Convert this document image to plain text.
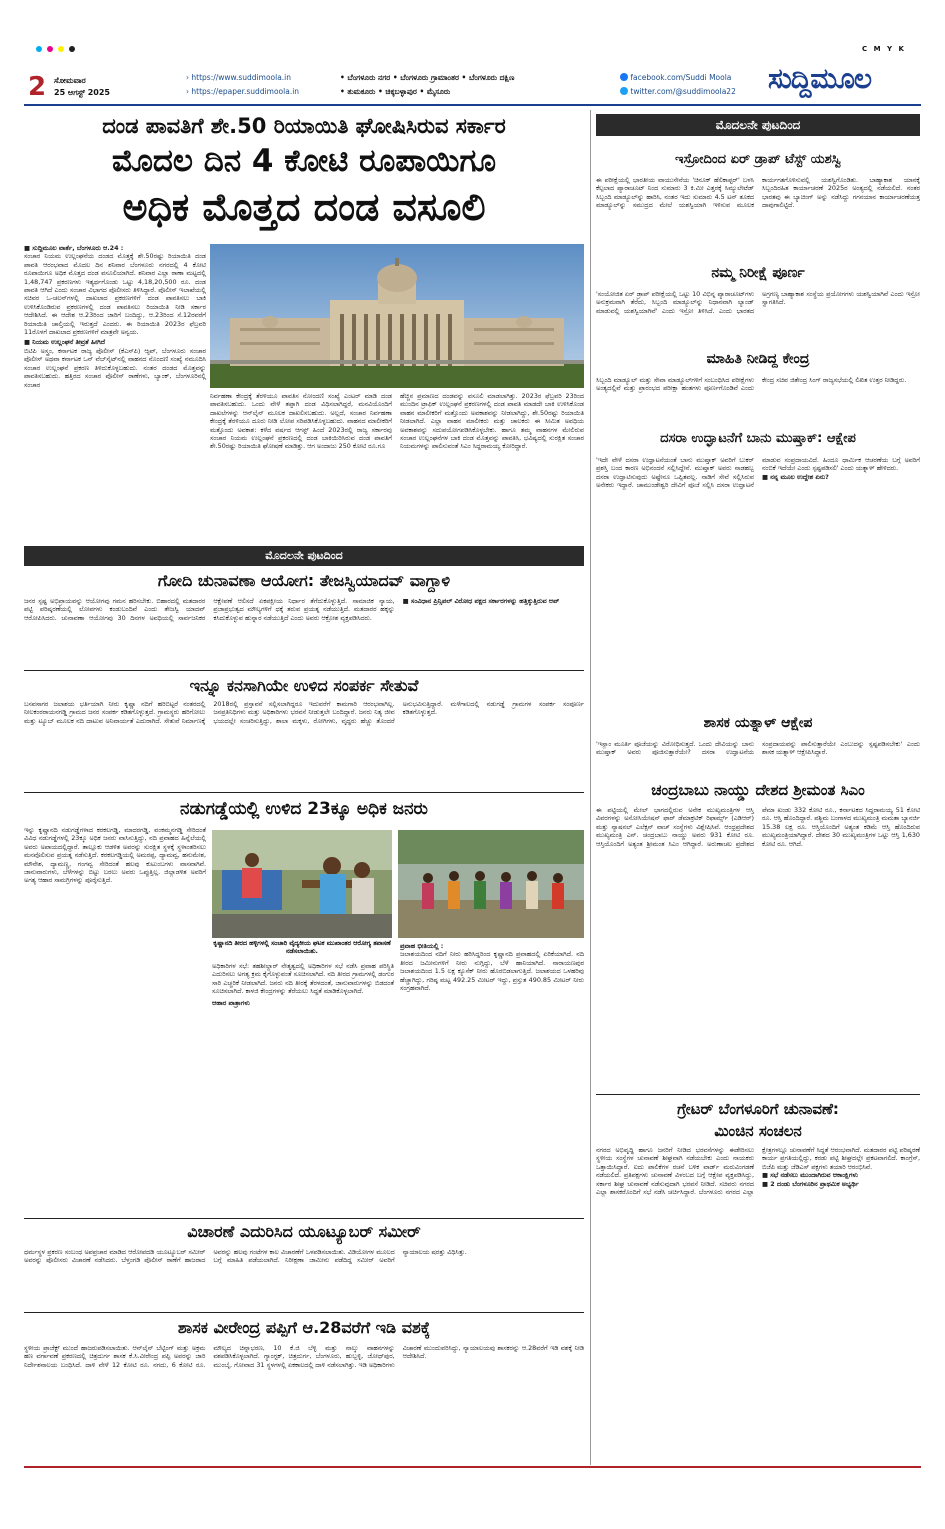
C M Y K
2 ಸೋಮವಾರ
25 ಆಗಸ್ಟ್ 2025
› https://www.suddimoola.in
› https://epaper.suddimoola.in
• ಬೆಂಗಳೂರು ನಗರ • ಬೆಂಗಳೂರು ಗ್ರಾಮಾಂತರ • ಬೆಂಗಳೂರು ದಕ್ಷಿಣ
• ತುಮಕೂರು • ಚಿಕ್ಕಬಳ್ಳಾಪುರ • ಮೈಸೂರು
facebook.com/Suddi Moola
twitter.com/@suddimoola22 ಸುದ್ದಿಮೂಲ
ದಂಡ ಪಾವತಿಗೆ ಶೇ.50 ರಿಯಾಯಿತಿ ಘೋಷಿಸಿರುವ ಸರ್ಕಾರ
ಮೊದಲ ದಿನ 4 ಕೋಟಿ ರೂಪಾಯಿಗೂ
ಅಧಿಕ ಮೊತ್ತದ ದಂಡ ವಸೂಲಿ
■ ಸುದ್ದಿಮೂಲ ವಾರ್ತೆ, ಬೆಂಗಳೂರು ಆ.24 :
ಸಂಚಾರ ನಿಯಮ ಉಲ್ಲಂಘನೆಯ ದಂಡದ ಮೊತ್ತಕ್ಕೆ ಶೇ.50ರಷ್ಟು ರಿಯಾಯಿತಿ ದಂಡ ಪಾವತಿ ಆರಂಭವಾದ ಮೊದಲ ದಿನ ಶನಿವಾರ ಬೆಂಗಳೂರು ನಗರದಲ್ಲಿ 4 ಕೋಟಿ ರೂಪಾಯಿಗೂ ಅಧಿಕ ಮೊತ್ತದ ದಂಡ ವಸೂಲಿಯಾಗಿದೆ. ಶನಿವಾರ ಎಲ್ಲಾ ಠಾಣಾ ಮಟ್ಟದಲ್ಲಿ 1,48,747 ಪ್ರಕರಣಗಳು ಇತ್ಯರ್ಥಗೊಂಡು ಒಟ್ಟು 4,18,20,500 ರೂ. ದಂಡ ಪಾವತಿ ಆಗಿದೆ ಎಂದು ಸಂಚಾರ ವಿಭಾಗದ ಪೊಲೀಸರು ತಿಳಿಸಿದ್ದಾರೆ. ಪೊಲೀಸ್ ಇಲಾಖೆಯಲ್ಲಿ ಸಚಿವರ ಒ-ಚಲನ್‌ಗಳಲ್ಲಿ ದಾಖಲಾದ ಪ್ರಕರಣಗಳಿಗೆ ದಂಡ ಪಾವತಿಸಲು ಬಾಕಿ ಉಳಿಸಿಕೊಂಡಿರುವ ಪ್ರಕರಣಗಳಲ್ಲಿ ದಂಡ ಪಾವತಿಸಲು ರಿಯಾಯಿತಿ ನೀಡಿ ಸರ್ಕಾರ ಆದೇಶಿಸಿದೆ. ಈ ಆದೇಶ ಆ.23ರಿಂದ ಜಾರಿಗೆ ಬಂದಿದ್ದು, ಆ.23ರಿಂದ ಸೆ.12ರವರೆಗೆ ರಿಯಾಯಿತಿ ಚಾಲ್ತಿಯಲ್ಲಿ ಇರುತ್ತದೆ ಎಂದರು. ಈ ರಿಯಾಯಿತಿ 2023ರ ಫೆಬ್ರವರಿ 11ರೊಳಗೆ ದಾಖಲಾದ ಪ್ರಕರಣಗಳಿಗೆ ಮಾತ್ರವೇ ಅನ್ವಯ.
■ ನಿಯಮ ಉಲ್ಲಂಘನೆ ತೀವ್ರತೆ ಹೀಗಿದೆ
ಬಿಟಿಪಿ ಅಸ್ತ್ರಂ, ಕರ್ನಾಟಕ ರಾಜ್ಯ ಪೊಲೀಸ್ (ಕೆಎಸ್‌ಪಿ) ಆ್ಯಪ್, ಬೆಂಗಳೂರು ಸಂಚಾರ ಪೊಲೀಸ್ ಅಥವಾ ಕರ್ನಾಟಕ ಒನ್ ವೆಬ್‌ಸೈಟ್‌ನಲ್ಲಿ ವಾಹನದ ನೊಂದಣಿ ಸಂಖ್ಯೆ ನಮೂದಿಸಿ ಸಂಚಾರ ಉಲ್ಲಂಘನೆ ಪ್ರಕರಣ ತಿಳಿದುಕೊಳ್ಳಬಹುದು. ನಂತರ ದಂಡದ ಮೊತ್ತವನ್ನು ಪಾವತಿಸಬಹುದು. ಹತ್ತಿರದ ಸಂಚಾರ ಪೊಲೀಸ್ ಠಾಣೆಗಳು, ಬ್ಯಾಂಕ್, ಬೆಂಗಳೂರಿನಲ್ಲಿ ಸಂಚಾರ
ನಿರ್ವಹಣಾ ಕೇಂದ್ರಕ್ಕೆ ತೆರಳಿಯೂ ಪಾವತಿಸ ನೋಂದಣಿ ಸಂಖ್ಯೆ ಎಂಟರ್ ಮಾಡಿ ದಂಡ ಪಾವತಿಸಬಹುದು. ಒಂದು ವೇಳೆ ತಪ್ಪಾಗಿ ದಂಡ ವಿಧಿಸಲಾಗಿದ್ದರೆ, ಮನವಿಯೊಂದಿಗೆ ದಾಖಲೆಗಳನ್ನು ಆನ್‌ಲೈನ್ ಮೂಲಕ ದಾಖಲಿಸಬಹುದು. ಅಲ್ಲದೆ, ಸಂಚಾರ ನಿರ್ವಹಣಾ ಕೇಂದ್ರಕ್ಕೆ ತೆರಳಿಯೂ ದೂರು ನೀಡಿ ಲೋಪ ಸರಿಪಡಿಸಿಕೊಳ್ಳಬಹುದು. ವಾಹನದ ಮಾಲೀಕರಿಗೆ ಮತ್ತೊಂದು ಅವಕಾಶ: ಕಳೆದ ವರ್ಷದ ಆಗಸ್ಟ್ ಹಿಂದೆ 2023ರಲ್ಲಿ ರಾಜ್ಯ ಸರ್ಕಾರವು ಸಂಚಾರ ನಿಯಮ ಉಲ್ಲಂಘನೆ ಪ್ರಕರಣದಲ್ಲಿ ದಂಡ ಬಾಕಿಯಿರಿಸಿರುವ ದಂಡ ಪಾವತಿಗೆ ಶೇ.50ರಷ್ಟು ರಿಯಾಯಿತಿ ಘೋಷಣೆ ಮಾಡಿತ್ತು. ಆಗ ಅಂದಾಜು 250 ಕೋಟಿ ರೂ.ಗೂ
ಹೆಚ್ಚಿನ ಪ್ರಮಾಣದ ದಂಡವನ್ನು ವಸೂಲಿ ಮಾಡಲಾಗಿತ್ತು. 2023ರ ಫೆಬ್ರವರಿ 23ರಿಂದ ಮುಂದಿನ ಟ್ರಾಫಿಕ್ ಉಲ್ಲಂಘನೆ ಪ್ರಕರಣಗಳಲ್ಲಿ ದಂಡ ಪಾವತಿ ಮಾಡದೇ ಬಾಕಿ ಉಳಿಸಿಕೊಂಡ ವಾಹನ ಮಾಲೀಕರಿಗೆ ಮತ್ತೊಂದು ಅವಕಾಶವನ್ನು ನೀಡಲಾಗಿದ್ದು, ಶೇ.50ರಷ್ಟು ರಿಯಾಯಿತಿ ನೀಡಲಾಗಿದೆ. ಎಲ್ಲಾ ವಾಹನ ಮಾಲೀಕರು ಮತ್ತು ಚಾಲಕರು ಈ ಸೀಮಿತ ಅವಧಿಯ ಅವಕಾಶವನ್ನು ಸದುಪಯೋಗಪಡಿಸಿಕೊಳ್ಳಬೇಕು. ಹಾಗೂ ತಮ್ಮ ವಾಹನಗಳ ಮೇಲಿರುವ ಸಂಚಾರ ಉಲ್ಲಂಘನೆಗಳ ಬಾಕಿ ದಂಡ ಮೊತ್ತವನ್ನು ಪಾವತಿಸಿ, ಭವಿಷ್ಯದಲ್ಲಿ ಸುರಕ್ಷಿತ ಸಂಚಾರ ನಿಯಮಗಳನ್ನು ಪಾಲಿಸುವಂತೆ ಸಿಎಂ ಸಿದ್ದರಾಮಯ್ಯ ಕೋರಿದ್ದಾರೆ.
ಮೊದಲನೇ ಪುಟದಿಂದ
ಗೋದಿ ಚುನಾವಣಾ ಆಯೋಗ: ತೇಜಸ್ವಿಯಾದವ್ ವಾಗ್ದಾಳಿ
ಜನರ ಸ್ಪಷ್ಟ ಅಭಿಪ್ರಾಯವನ್ನು ಆಯೋಗವು ಗಮನ ಹರಿಸಬೇಕು. ಬಿಹಾರದಲ್ಲಿ ಮತದಾರರ ಪಟ್ಟಿ ಪರಿಷ್ಕರಣೆಯಲ್ಲಿ ಲೋಪಗಳು ಕಂಡುಬಂದಿವೆ ಎಂದು ತೇಜಸ್ವಿ ಯಾದವ್ ಆರೋಪಿಸಿದರು. ಚುನಾವಣಾ ಆಯೋಗವು 30 ದಿನಗಳ ಅವಧಿಯಲ್ಲಿ ಸಾರ್ವಜನಿಕರ ಆಕ್ಷೇಪಣೆ ಆಲಿಸದೆ ಏಕಪಕ್ಷೀಯ ನಿರ್ಧಾರ ತೆಗೆದುಕೊಳ್ಳುತ್ತಿದೆ. ಸಾಮಾಜಿಕ ನ್ಯಾಯ, ಪ್ರಜಾಪ್ರಭುತ್ವದ ಮೌಲ್ಯಗಳಿಗೆ ಧಕ್ಕೆ ತರುವ ಪ್ರಯತ್ನ ನಡೆಯುತ್ತಿದೆ. ಮತದಾರರ ಹಕ್ಕನ್ನು ಕಸಿದುಕೊಳ್ಳುವ ಹುನ್ನಾರ ನಡೆಯುತ್ತಿದೆ ಎಂದು ಅವರು ಆಕ್ರೋಶ ವ್ಯಕ್ತಪಡಿಸಿದರು.
■ ಸಂವಿಧಾನ ಪ್ರಿನ್ಸಿಪಲ್ ವಿರೋಧ ಪಕ್ಷದ ಸರ್ಕಾರಗಳನ್ನು ಹತ್ತಿಕ್ಕುತ್ತಿರುವ ಆಪ್
ಇನ್ನೂ ಕನಸಾಗಿಯೇ ಉಳಿದ ಸಂಪರ್ಕ ಸೇತುವೆ
ಬಸವಸಾಗರ ಜಲಾಶಯ ಭರ್ತಿಯಾಗಿ ನೀರು ಕೃಷ್ಣಾ ನದಿಗೆ ಹರಿಬಿಟ್ಟರೆ ನಂತರದಲ್ಲಿ ನೀಲಕಂಠರಾಯನಗಡ್ಡಿ ಗ್ರಾಮದ ಜನರ ಸಂಪರ್ಕ ಕಡಿತಗೊಳ್ಳುತ್ತದೆ. ಗ್ರಾಮಸ್ಥರು ಹರಿಗೋಲು ಮತ್ತು ಟ್ಯೂಬ್ ಮೂಲಕ ನದಿ ದಾಟುವ ಅನಿವಾರ್ಯತೆ ಎದುರಾಗಿದೆ. ಸೇತುವೆ ನಿರ್ಮಾಣಕ್ಕೆ 2018ರಲ್ಲಿ ಪ್ರಸ್ತಾವನೆ ಸಲ್ಲಿಸಲಾಗಿದ್ದರೂ ಇದುವರೆಗೆ ಕಾಮಗಾರಿ ಆರಂಭವಾಗಿಲ್ಲ. ಜನಪ್ರತಿನಿಧಿಗಳು ಮತ್ತು ಅಧಿಕಾರಿಗಳು ಭರವಸೆ ನೀಡುತ್ತಲೇ ಬಂದಿದ್ದಾರೆ. ಜನರು ನಿತ್ಯ ಜೀವ ಭಯದಲ್ಲೇ ಸಂಚರಿಸುತ್ತಿದ್ದು, ಶಾಲಾ ಮಕ್ಕಳು, ರೋಗಿಗಳು, ವೃದ್ಧರು ಹೆಚ್ಚು ತೊಂದರೆ ಅನುಭವಿಸುತ್ತಿದ್ದಾರೆ. ಮಳೆಗಾಲದಲ್ಲಿ ನಡುಗಡ್ಡೆ ಗ್ರಾಮಗಳ ಸಂಪರ್ಕ ಸಂಪೂರ್ಣ ಕಡಿತಗೊಳ್ಳುತ್ತದೆ.
ನಡುಗಡ್ಡೆಯಲ್ಲಿ ಉಳಿದ 23ಕ್ಕೂ ಅಧಿಕ ಜನರು
ಇನ್ನು ಕೃಷ್ಣಾನದಿ ನಡುಗಡ್ಡೆಗಳಾದ ಕರಕಲಗಡ್ಡಿ, ಮಾದರಗಡ್ಡಿ, ವಂಕಮ್ಮನಗಡ್ಡಿ ಸೇರಿದಂತೆ ವಿವಿಧ ನಡುಗಡ್ಡೆಗಳಲ್ಲಿ 23ಕ್ಕೂ ಅಧಿಕ ಜನರು ವಾಸಿಸುತ್ತಿದ್ದು, ನದಿ ಪ್ರವಾಹದ ಹಿನ್ನೆಲೆಯಲ್ಲಿ ಅವರು ಅಪಾಯದಲ್ಲಿದ್ದಾರೆ. ತಾಲ್ಲೂಕು ಆಡಳಿತ ಅವರನ್ನು ಸುರಕ್ಷಿತ ಸ್ಥಳಕ್ಕೆ ಸ್ಥಳಾಂತರಿಸಲು ಮನವೊಲಿಸುವ ಪ್ರಯತ್ನ ನಡೆಸುತ್ತಿದೆ. ಕರಕಲಗಡ್ಡಿಯಲ್ಲಿ ಅಮರಪ್ಪ, ದ್ಯಾಮವ್ವ, ಹನುಮೇಶ, ಮೌನೇಶ, ದ್ಯಾಮಣ್ಣ, ಗಂಗವ್ವ ಸೇರಿದಂತೆ ಹಲವು ಕುಟುಂಬಗಳು ವಾಸವಾಗಿವೆ. ಜಾನುವಾರುಗಳು, ಬೆಳೆಗಳನ್ನು ಬಿಟ್ಟು ಬರಲು ಅವರು ಒಪ್ಪುತ್ತಿಲ್ಲ. ಜಿಲ್ಲಾಡಳಿತ ಅವರಿಗೆ ಅಗತ್ಯ ಆಹಾರ ಸಾಮಗ್ರಿಗಳನ್ನು ಪೂರೈಸುತ್ತಿದೆ.
ಕೃಷ್ಣಾನದಿ ತೀರದ ಹಳ್ಳಿಗಳಲ್ಲಿ ಸಂಚಾರಿ ವೈದ್ಯಕೀಯ ಘಟಕ ಮುಖಾಂತರ ಆರೋಗ್ಯ ತಪಾಸಣೆ ನಡೆಸಲಾಯಿತು.
ಅಧಿಕಾರಿಗಳ ಸಭೆ: ತಹಶೀಲ್ದಾರ್ ನೇತೃತ್ವದಲ್ಲಿ ಅಧಿಕಾರಿಗಳ ಸಭೆ ನಡೆಸಿ ಪ್ರವಾಹ ಪರಿಸ್ಥಿತಿ ಎದುರಿಸಲು ಅಗತ್ಯ ಕ್ರಮ ಕೈಗೊಳ್ಳುವಂತೆ ಸೂಚಿಸಲಾಗಿದೆ. ನದಿ ತೀರದ ಗ್ರಾಮಗಳಲ್ಲಿ ಡಂಗುರ ಸಾರಿ ಎಚ್ಚರಿಕೆ ನೀಡಲಾಗಿದೆ. ಜನರು ನದಿ ತೀರಕ್ಕೆ ತೆರಳದಂತೆ, ಜಾನುವಾರುಗಳನ್ನು ಬಿಡದಂತೆ ಸೂಚಿಸಲಾಗಿದೆ. ಕಾಳಜಿ ಕೇಂದ್ರಗಳನ್ನು ತೆರೆಯಲು ಸಿದ್ಧತೆ ಮಾಡಿಕೊಳ್ಳಲಾಗಿದೆ.
ಆಹಾರ ಪಾತ್ರಾಗಳು
ಪ್ರವಾಹ ಭೀತಿಯಲ್ಲಿ :
ಜಲಾಶಯದಿಂದ ನದಿಗೆ ನೀರು ಹರಿಸಿದ್ದರಿಂದ ಕೃಷ್ಣಾನದಿ ಪ್ರವಾಹದಲ್ಲಿ ಏರಿಕೆಯಾಗಿದೆ. ನದಿ ತೀರದ ಜಮೀನುಗಳಿಗೆ ನೀರು ನುಗ್ಗಿದ್ದು, ಬೆಳೆ ಹಾನಿಯಾಗಿದೆ. ನಾರಾಯಣಪುರ ಜಲಾಶಯದಿಂದ 1.5 ಲಕ್ಷ ಕ್ಯೂಸೆಕ್ ನೀರು ಹೊರಬಿಡಲಾಗುತ್ತಿದೆ. ಜಲಾಶಯದ ಒಳಹರಿವು ಹೆಚ್ಚಾಗಿದ್ದು, ಗರಿಷ್ಠ ಮಟ್ಟ 492.25 ಮೀಟರ್ ಇದ್ದು, ಪ್ರಸ್ತುತ 490.85 ಮೀಟರ್ ನೀರು ಸಂಗ್ರಹವಾಗಿದೆ.
ವಿಚಾರಣೆ ಎದುರಿಸಿದ ಯೂಟ್ಯೂಬರ್ ಸಮೀರ್
ಧರ್ಮಸ್ಥಳ ಪ್ರಕರಣ ಸಂಬಂಧ ಅಪಪ್ರಚಾರ ಮಾಡಿದ ಆರೋಪದಡಿ ಯೂಟ್ಯೂಬರ್ ಸಮೀರ್ ಅವರನ್ನು ಪೊಲೀಸರು ವಿಚಾರಣೆ ನಡೆಸಿದರು. ಬೆಳ್ತಂಗಡಿ ಪೊಲೀಸ್ ಠಾಣೆಗೆ ಹಾಜರಾದ ಅವರನ್ನು ಹಲವು ಗಂಟೆಗಳ ಕಾಲ ವಿಚಾರಣೆಗೆ ಒಳಪಡಿಸಲಾಯಿತು. ವಿಡಿಯೋಗಳ ಮೂಲದ ಬಗ್ಗೆ ಮಾಹಿತಿ ಪಡೆಯಲಾಗಿದೆ. ನಿರೀಕ್ಷಣಾ ಜಾಮೀನು ಪಡೆದಿದ್ದ ಸಮೀರ್ ಅವರಿಗೆ ನ್ಯಾಯಾಲಯ ಷರತ್ತು ವಿಧಿಸಿತ್ತು.
ಶಾಸಕ ವೀರೇಂದ್ರ ಪಪ್ಪಿಗೆ ಆ.28ವರೆಗೆ ಇಡಿ ವಶಕ್ಕೆ
ಸ್ಥಳೀಯ ಪ್ರಾಜೆಕ್ಟ್ ಮುಂದೆ ಹಾಜರುಪಡಿಸಲಾಯಿತು. ಆನ್‌ಲೈನ್ ಬೆಟ್ಟಿಂಗ್ ಮತ್ತು ಅಕ್ರಮ ಹಣ ವರ್ಗಾವಣೆ ಪ್ರಕರಣದಲ್ಲಿ ಚಿತ್ರದುರ್ಗ ಶಾಸಕ ಕೆ.ಸಿ.ವೀರೇಂದ್ರ ಪಪ್ಪಿ ಅವರನ್ನು ಜಾರಿ ನಿರ್ದೇಶನಾಲಯ ಬಂಧಿಸಿದೆ. ದಾಳಿ ವೇಳೆ 12 ಕೋಟಿ ರೂ. ನಗದು, 6 ಕೋಟಿ ರೂ. ಮೌಲ್ಯದ ಚಿನ್ನಾಭರಣ, 10 ಕೆ.ಜಿ ಬೆಳ್ಳಿ ಮತ್ತು ನಾಲ್ಕು ವಾಹನಗಳನ್ನು ವಶಪಡಿಸಿಕೊಳ್ಳಲಾಗಿದೆ. ಗ್ಯಾಂಗ್ಟಕ್, ಚಿತ್ರದುರ್ಗ, ಬೆಂಗಳೂರು, ಹುಬ್ಬಳ್ಳಿ, ಜೋಧ್‌ಪುರ, ಮುಂಬೈ, ಗೋವಾದ 31 ಸ್ಥಳಗಳಲ್ಲಿ ಏಕಕಾಲದಲ್ಲಿ ದಾಳಿ ನಡೆಸಲಾಗಿತ್ತು. ಇಡಿ ಅಧಿಕಾರಿಗಳು ವಿಚಾರಣೆ ಮುಂದುವರಿಸಿದ್ದು, ನ್ಯಾಯಾಲಯವು ಶಾಸಕರನ್ನು ಆ.28ವರೆಗೆ ಇಡಿ ವಶಕ್ಕೆ ನೀಡಿ ಆದೇಶಿಸಿದೆ.
ಮೊದಲನೇ ಪುಟದಿಂದ
ಇಸ್ರೋದಿಂದ ಏರ್ ಡ್ರಾಪ್ ಟೆಸ್ಟ್ ಯಶಸ್ವಿ
ಈ ಪರೀಕ್ಷೆಯಲ್ಲಿ ಭಾರತೀಯ ವಾಯುಸೇನೆಯ 'ಚಿನೂಕ್ ಹೆಲಿಕಾಪ್ಟರ್' ಬಳಸಿ ಕೆಲ್ಪಲಾದ ಪ್ಯಾರಾಚೂಟ್ ನಿಂದ ಸುಮಾರು 3 ಕಿ.ಮೀ ಎತ್ತರಕ್ಕೆ ಸಿಮ್ಯುಲೇಟೆಡ್ ಸಿಬ್ಬಂದಿ ಮಾಡ್ಯೂಲ್‌ನ್ನು ಹಾರಿಸಿ, ನಂತರ ಇದು ಸುಮಾರು 4.5 ಟನ್ ತೂಕದ ಮಾಡ್ಯೂಲ್‌ನ್ನು ಸಮುದ್ರದ ಮೇಲೆ ಯಶಸ್ವಿಯಾಗಿ ಇಳಿಸುವ ಮೂಲಕ ಕಾರ್ಯಗತಗೊಳಿಸುವಲ್ಲಿ ಯಶಸ್ವಿಗೊಂಡಿತು. ಬಾಹ್ಯಾಕಾಶ ಯಾನಕ್ಕೆ ಸಿಬ್ಬಂದಿರಹಿತ ಕಾರ್ಯಾಚರಣೆ 2025ರ ಅಂತ್ಯದಲ್ಲಿ ನಡೆಯಲಿದೆ. ನಂತರ ಭಾರತವು ಈ ಬ್ಯಾಚಿಂಗ್ ಅನ್ನು ನಡೆಸಿದ್ದು ಗಗನಯಾನ ಕಾರ್ಯಾಚರಣೆಯತ್ತ ದಾಪುಗಾಲಿಟ್ಟಿದೆ.
ನಮ್ಮ ನಿರೀಕ್ಷೆ ಪೂರ್ಣ
'ಸಂಯೋಜಿತ ಏರ್ ಡ್ರಾಪ್ ಪರೀಕ್ಷೆಯಲ್ಲಿ ಒಟ್ಟು 10 ವಿಭಿನ್ನ ಪ್ಯಾರಾಚೂಟ್‌ಗಳು ಅನುಕ್ರಮವಾಗಿ ತೆರೆದು, ಸಿಬ್ಬಂದಿ ಮಾಡ್ಯೂಲ್‌ನ್ನು ನಿಧಾನವಾಗಿ ಲ್ಯಾಂಡ್ ಮಾಡುವಲ್ಲಿ ಯಶಸ್ವಿಯಾಗಿವೆ' ಎಂದು ಇಸ್ರೋ ತಿಳಿಸಿದೆ. ಎಂದು ಭಾರತದ ಅಗ್ರಗಣ್ಯ ಬಾಹ್ಯಾಕಾಶ ಸಂಸ್ಥೆಯ ಪ್ರಯೋಗಗಳು ಯಶಸ್ವಿಯಾಗಿವೆ ಎಂದು ಇಸ್ರೋ ಸ್ವಾಗತಿಸಿದೆ.
ಮಾಹಿತಿ ನೀಡಿದ್ದ ಕೇಂದ್ರ
ಸಿಬ್ಬಂದಿ ಮಾಡ್ಯೂಲ್ ಮತ್ತು ಸೇವಾ ಮಾಡ್ಯೂಲ್‌ಗಳಿಗೆ ಸಂಬಂಧಿಸಿದ ಪರೀಕ್ಷೆಗಳು ಅಂತ್ಯದಲ್ಲಿವೆ ಮತ್ತು ಪ್ರಾರಂಭದ ಪರೀಕ್ಷಾ ಹಂತಗಳು ಪೂರ್ಣಗೊಂಡಿವೆ ಎಂದು ಕೇಂದ್ರ ಸಚಿವ ಜಿತೇಂದ್ರ ಸಿಂಗ್ ರಾಜ್ಯಸಭೆಯಲ್ಲಿ ಲಿಖಿತ ಉತ್ತರ ನೀಡಿದ್ದರು.
ದಸರಾ ಉದ್ಘಾಟನೆಗೆ ಬಾನು ಮುಷ್ತಾಕ್: ಆಕ್ಷೇಪ
'ಇದೇ ವೇಳೆ ದಸರಾ ಉದ್ಘಾಟನೆಯಂತೆ ಬಾನು ಮುಷ್ತಾಕ್ ಅವರಿಗೆ ಬುಕರ್ ಪ್ರಶಸ್ತಿ ಬಂದ ಕಾರಣ ಅಭಿನಂದನೆ ಸಲ್ಲಿಸಿದ್ದೇನೆ. ಮುಷ್ತಾಕ್ ಅವರು ನಾಡಹಬ್ಬ ದಸರಾ ಉದ್ಘಾಟಿಸುವುದು ಅಷ್ಟೇನೂ ಒಪ್ಪಿತವಲ್ಲ. ನಾಡಿಗೆ ಸೇವೆ ಸಲ್ಲಿಸಿರುವ ಅನೇಕರು ಇದ್ದಾರೆ. ಚಾಮುಂಡೇಶ್ವರಿ ದೇವಿಗೆ ಪೂಜೆ ಸಲ್ಲಿಸಿ ದಸರಾ ಉದ್ಘಾಟನೆ ಮಾಡುವ ಸಂಪ್ರದಾಯವಿದೆ. ಹಿಂದೂ ಧಾರ್ಮಿಕ ಆಚರಣೆಯ ಬಗ್ಗೆ ಅವರಿಗೆ ನಂಬಿಕೆ ಇದೆಯೇ ಎಂದು ಸ್ಪಷ್ಟಪಡಿಸಲಿ' ಎಂದು ಯತ್ನಾಳ್ ಹೇಳಿದರು.
■ ನನ್ನ ಮೂಲ ಉದ್ದೇಶ ಏನು?
ಶಾಸಕ ಯತ್ನಾಳ್ ಆಕ್ಷೇಪ
'ಇಸ್ಲಾಂ ಮೂರ್ತಿ ಪೂಜೆಯನ್ನು ವಿರೋಧಿಸುತ್ತದೆ. ಒಂದು ದೇವಿಯನ್ನು ಬಾನು ಮುಷ್ತಾಕ್ ಅವರು ಪೂಜಿಸುತ್ತಾರೆಯೇ? ದಸರಾ ಉದ್ಘಾಟನೆಯ ಸಂಪ್ರದಾಯವನ್ನು ಪಾಲಿಸುತ್ತಾರೆಯೇ ಎಂಬುದನ್ನು ಸ್ಪಷ್ಟಪಡಿಸಬೇಕು' ಎಂದು ಶಾಸಕ ಯತ್ನಾಳ್ ಆಕ್ಷೇಪಿಸಿದ್ದಾರೆ.
ಚಂದ್ರಬಾಬು ನಾಯ್ಡು ದೇಶದ ಶ್ರೀಮಂತ ಸಿಎಂ
ಈ ಪಟ್ಟಿಯಲ್ಲಿ ಮೇಲ್ ಭಾಗದಲ್ಲಿರುವ ಅನೇಕ ಮುಖ್ಯಮಂತ್ರಿಗಳ ಆಸ್ತಿ ವಿವರಗಳನ್ನು ಅಸೋಸಿಯೇಷನ್ ಫಾರ್ ಡೆಮಾಕ್ರಟಿಕ್ ರಿಫಾರ್ಮ್ಸ್ (ಎಡಿಆರ್) ಮತ್ತು ನ್ಯಾಷನಲ್ ಎಲೆಕ್ಷನ್ ವಾಚ್ ಸಂಸ್ಥೆಗಳು ವಿಶ್ಲೇಷಿಸಿವೆ. ಆಂಧ್ರಪ್ರದೇಶದ ಮುಖ್ಯಮಂತ್ರಿ ಎನ್. ಚಂದ್ರಬಾಬು ನಾಯ್ಡು ಅವರು 931 ಕೋಟಿ ರೂ. ಆಸ್ತಿಯೊಂದಿಗೆ ಅತ್ಯಂತ ಶ್ರೀಮಂತ ಸಿಎಂ ಆಗಿದ್ದಾರೆ. ಅರುಣಾಚಲ ಪ್ರದೇಶದ ಪೆಮಾ ಖಂಡು 332 ಕೋಟಿ ರೂ., ಕರ್ನಾಟಕದ ಸಿದ್ದರಾಮಯ್ಯ 51 ಕೋಟಿ ರೂ. ಆಸ್ತಿ ಹೊಂದಿದ್ದಾರೆ. ಪಶ್ಚಿಮ ಬಂಗಾಳದ ಮುಖ್ಯಮಂತ್ರಿ ಮಮತಾ ಬ್ಯಾನರ್ಜಿ 15.38 ಲಕ್ಷ ರೂ. ಆಸ್ತಿಯೊಂದಿಗೆ ಅತ್ಯಂತ ಕಡಿಮೆ ಆಸ್ತಿ ಹೊಂದಿರುವ ಮುಖ್ಯಮಂತ್ರಿಯಾಗಿದ್ದಾರೆ. ದೇಶದ 30 ಮುಖ್ಯಮಂತ್ರಿಗಳ ಒಟ್ಟು ಆಸ್ತಿ 1,630 ಕೋಟಿ ರೂ. ಆಗಿದೆ.
ಗ್ರೇಟರ್ ಬೆಂಗಳೂರಿಗೆ ಚುನಾವಣೆ:
ಮಿಂಚಿನ ಸಂಚಲನ
ನಗರದ ಅಭಿವೃದ್ಧಿ ಹಾಗೂ ಜನರಿಗೆ ನೀಡಿದ ಭರವಸೆಗಳನ್ನು ಈಡೇರಿಸಲು ಸ್ಥಳೀಯ ಸಂಸ್ಥೆಗಳ ಚುನಾವಣೆ ಶೀಘ್ರವಾಗಿ ನಡೆಯಬೇಕು ಎಂದು ನಾಯಕರು ಒತ್ತಾಯಿಸಿದ್ದಾರೆ. ಐದು ಪಾಲಿಕೆಗಳ ರಚನೆ ಬಳಿಕ ವಾರ್ಡ್ ಮರುವಿಂಗಡಣೆ ನಡೆಯಲಿದೆ. ಪ್ರತಿಪಕ್ಷಗಳು ಚುನಾವಣೆ ವಿಳಂಬದ ಬಗ್ಗೆ ಆಕ್ಷೇಪ ವ್ಯಕ್ತಪಡಿಸಿದ್ದು, ಸರ್ಕಾರ ಶೀಘ್ರ ಚುನಾವಣೆ ನಡೆಸುವುದಾಗಿ ಭರವಸೆ ನೀಡಿದೆ. ಸಚಿವರು ನಗರದ ಎಲ್ಲಾ ಶಾಸಕರೊಂದಿಗೆ ಸಭೆ ನಡೆಸಿ ಚರ್ಚಿಸಿದ್ದಾರೆ. ಬೆಂಗಳೂರು ನಗರದ ಎಲ್ಲಾ ಕ್ಷೇತ್ರಗಳಲ್ಲೂ ಚುನಾವಣೆಗೆ ಸಿದ್ಧತೆ ಆರಂಭವಾಗಿದೆ. ಮತದಾರರ ಪಟ್ಟಿ ಪರಿಷ್ಕರಣೆ ಕಾರ್ಯ ಪ್ರಗತಿಯಲ್ಲಿದ್ದು, ಕರಡು ಪಟ್ಟಿ ಶೀಘ್ರದಲ್ಲೇ ಪ್ರಕಟವಾಗಲಿದೆ. ಕಾಂಗ್ರೆಸ್, ಬಿಜೆಪಿ ಮತ್ತು ಜೆಡಿಎಸ್ ಪಕ್ಷಗಳು ತಯಾರಿ ಆರಂಭಿಸಿವೆ.
■ ಸಭೆ ನಡೆಸಲು ಮುಂದಾಗಿರುವ ಆಕಾಂಕ್ಷಿಗಳು
■ 2 ದಂಡು ಬೆಂಗಳೂರಿನ ಪ್ರಾಥಮಿಕ ಅಭ್ಯರ್ಥಿ
